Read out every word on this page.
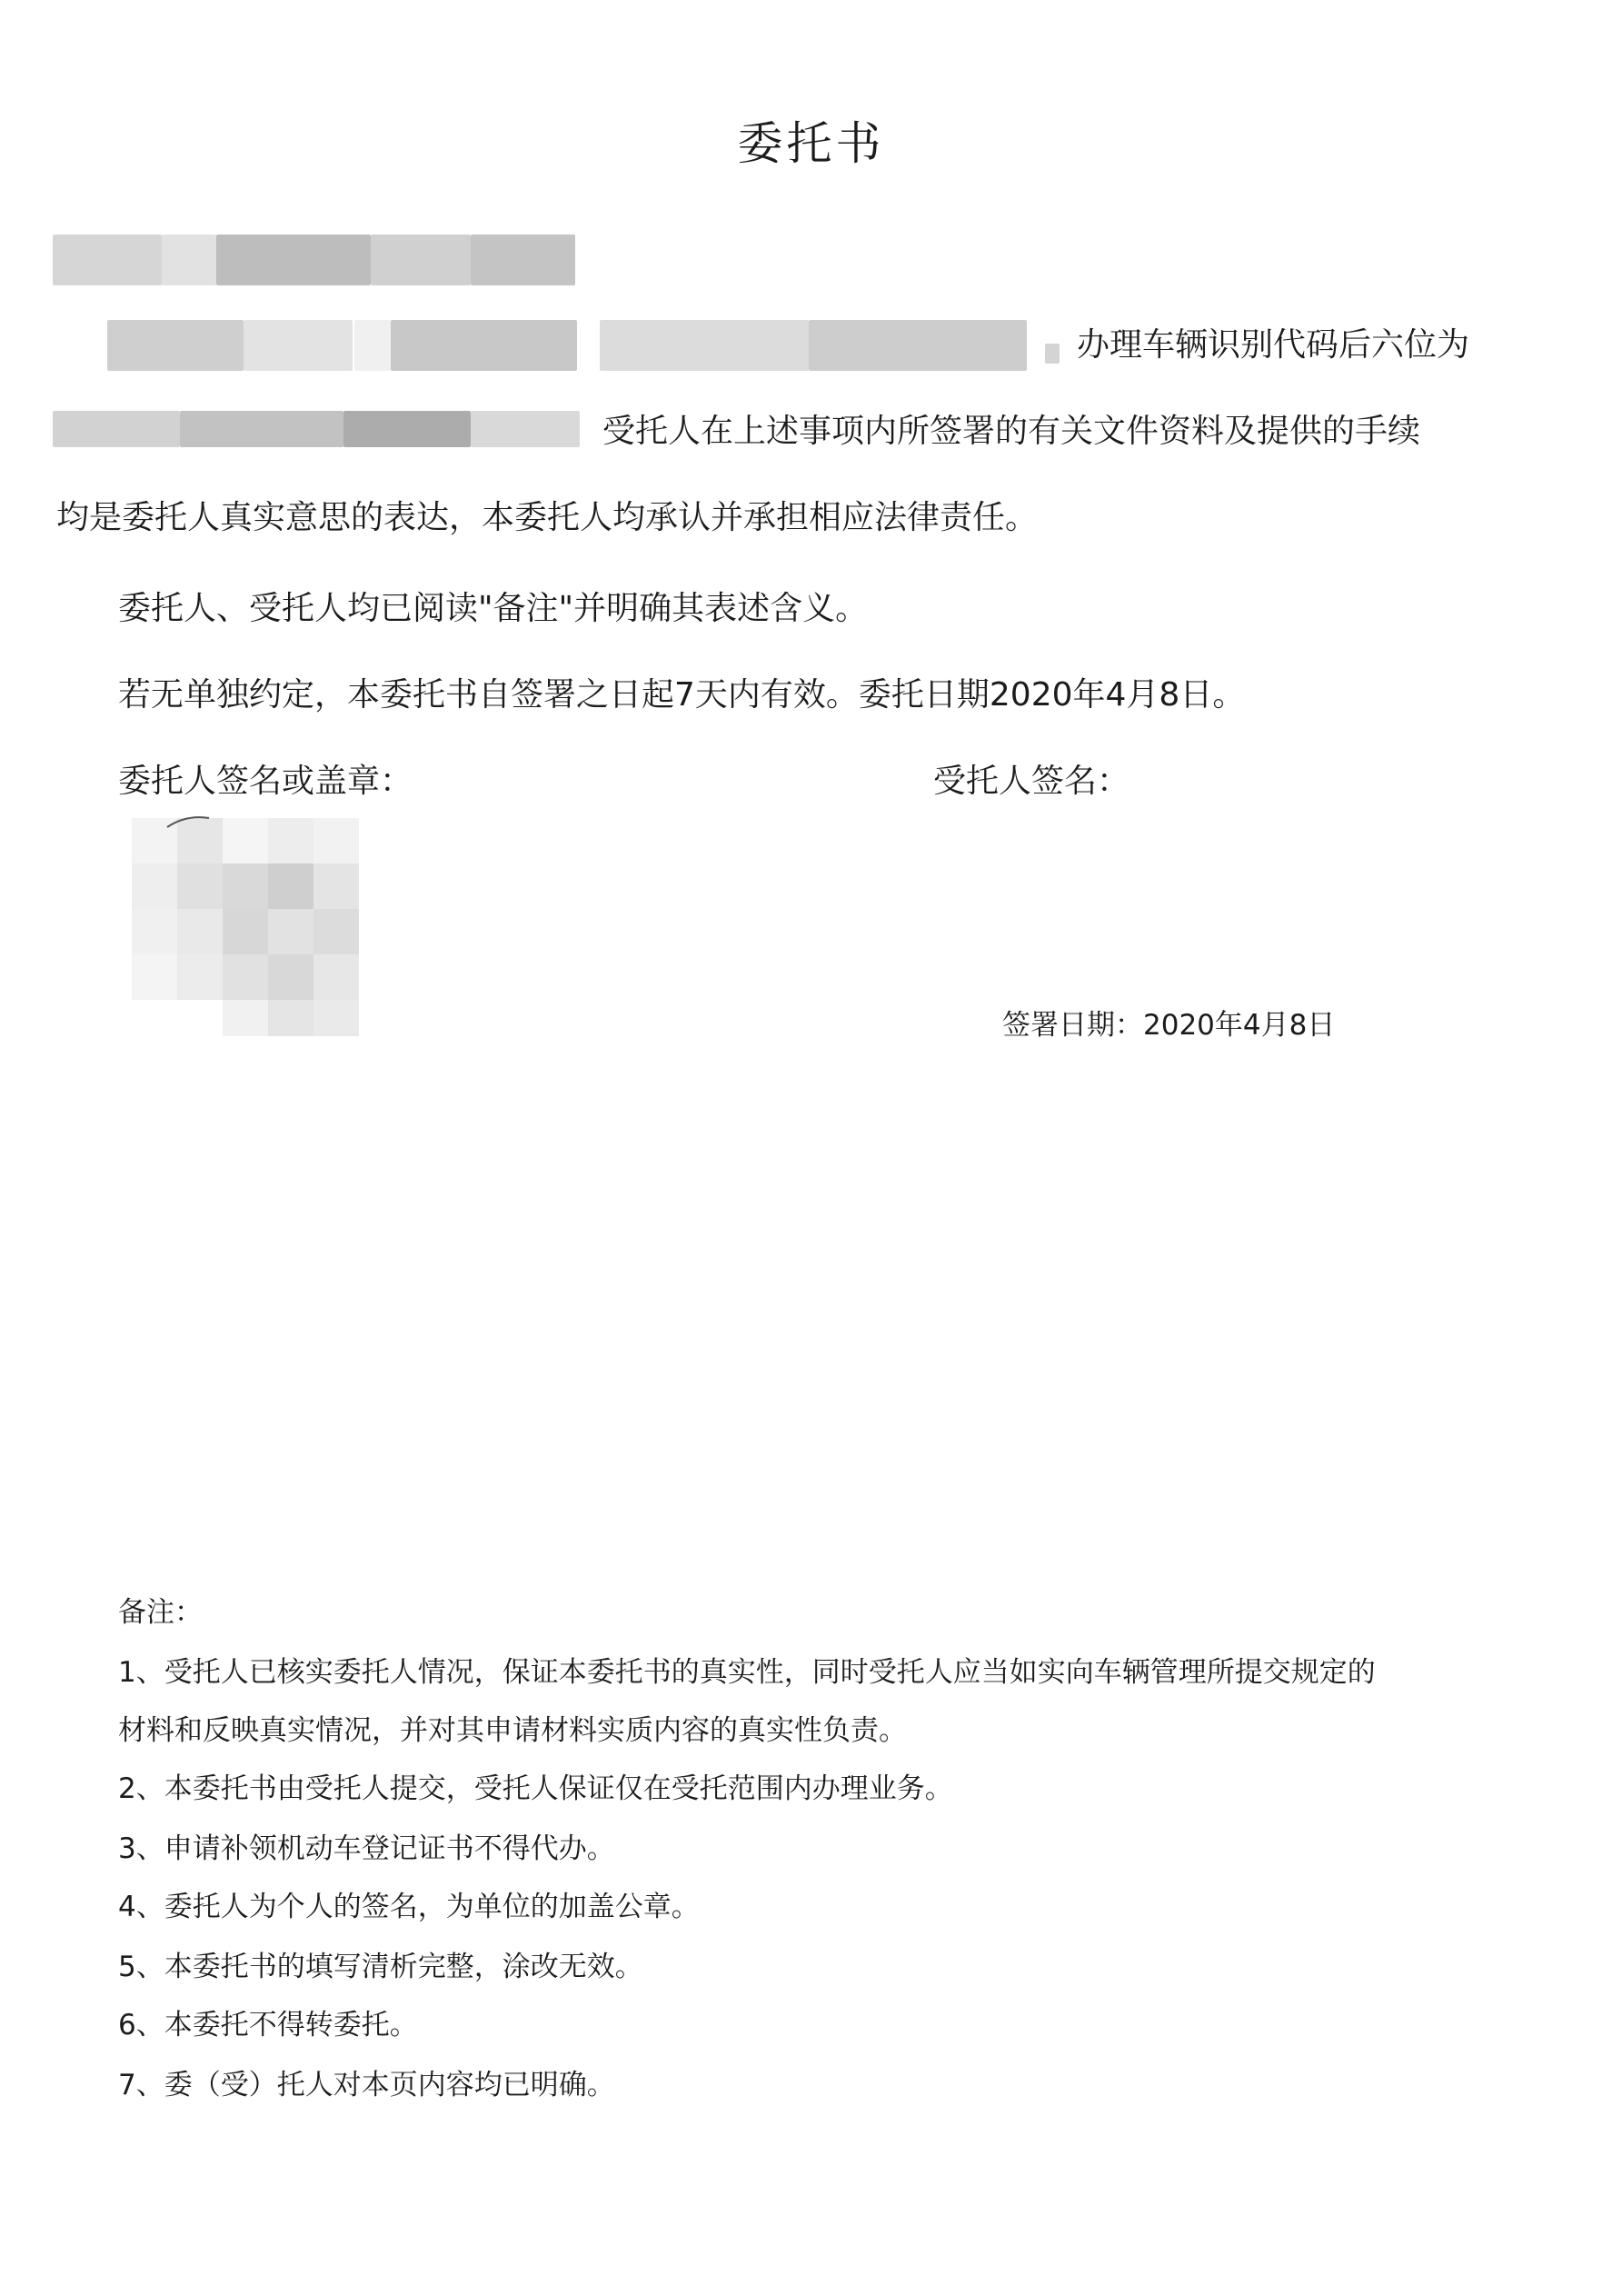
委托书
办理车辆识别代码后六位为
受托人在上述事项内所签署的有关文件资料及提供的手续
均是委托人真实意思的表达，本委托人均承认并承担相应法律责任。
委托人、受托人均已阅读"备注"并明确其表述含义。
若无单独约定，本委托书自签署之日起7天内有效。委托日期2020年4月8日。
委托人签名或盖章：	受托人签名：
签署日期：2020年4月8日
备注：
1、受托人已核实委托人情况，保证本委托书的真实性，同时受托人应当如实向车辆管理所提交规定的
材料和反映真实情况，并对其申请材料实质内容的真实性负责。
2、本委托书由受托人提交，受托人保证仅在受托范围内办理业务。
3、申请补领机动车登记证书不得代办。
4、委托人为个人的签名，为单位的加盖公章。
5、本委托书的填写清析完整，涂改无效。
6、本委托不得转委托。
7、委（受）托人对本页内容均已明确。
